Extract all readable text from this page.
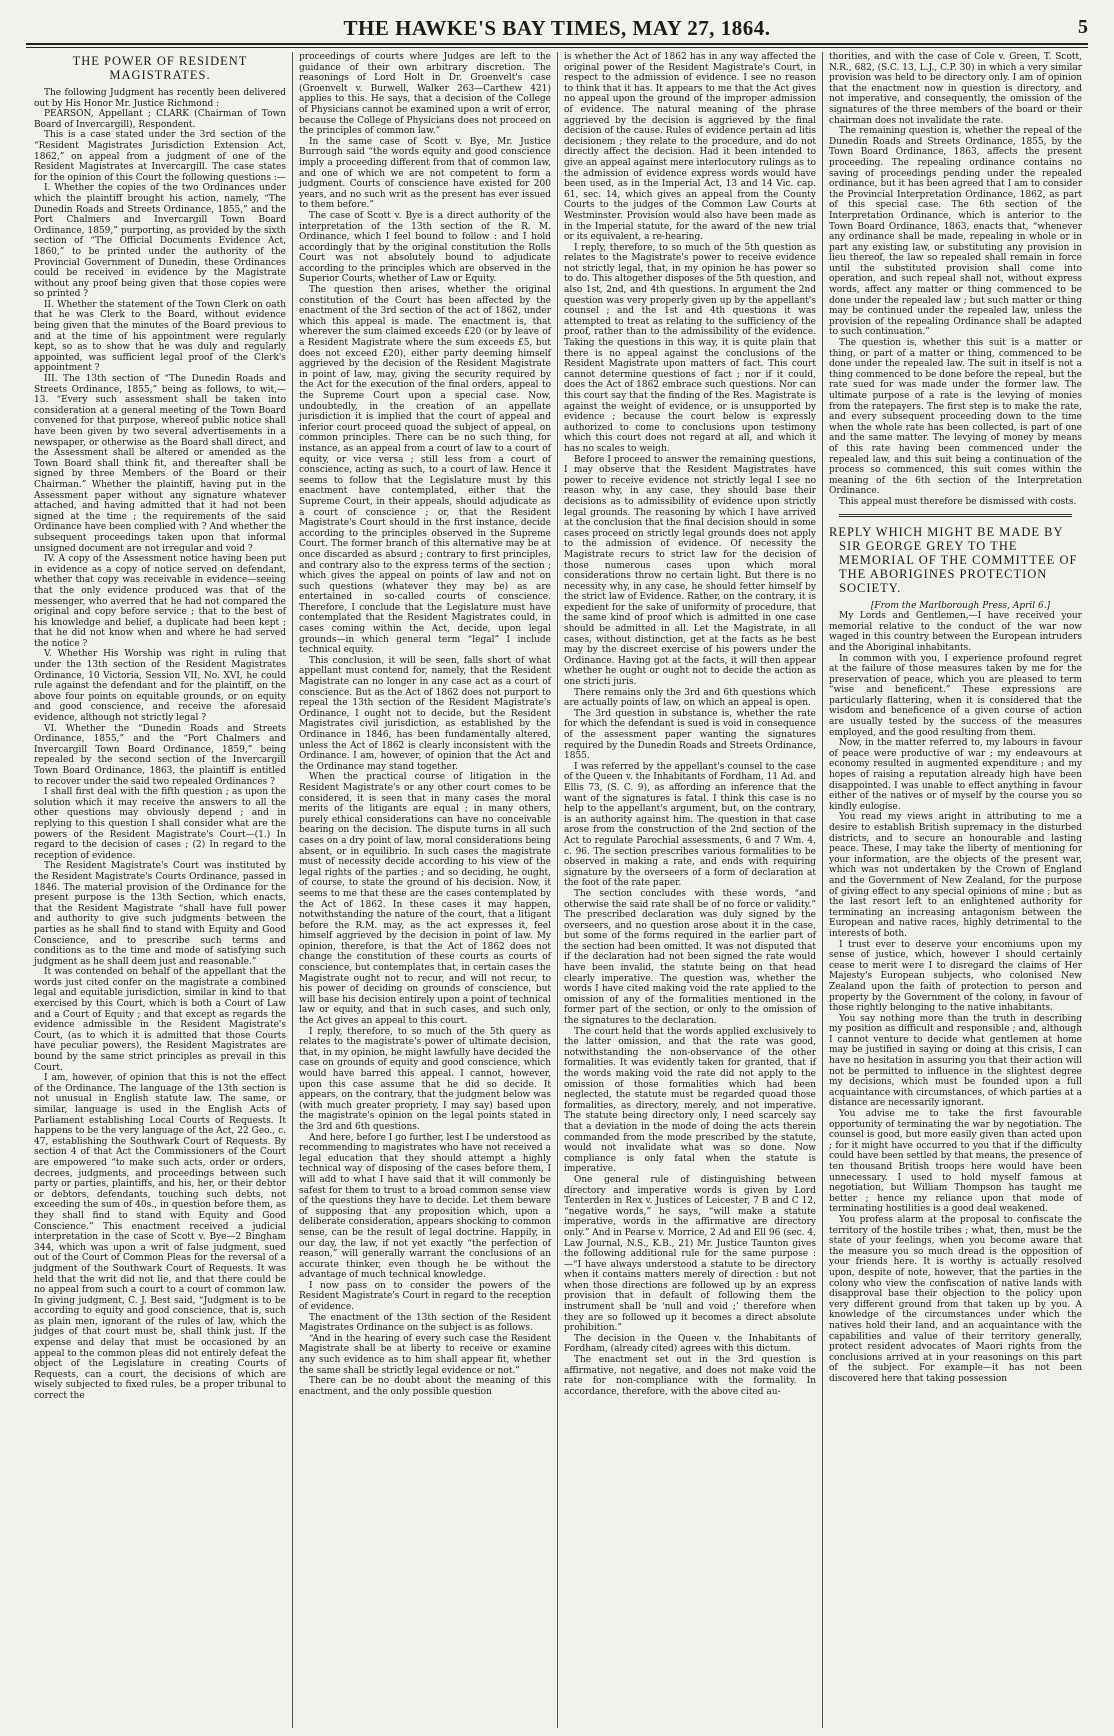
THE HAWKE'S BAY TIMES, MAY 27, 1864.	5
THE POWER OF RESIDENT MAGISTRATES.

The following Judgment has recently been delivered out by His Honor Mr. Justice Richmond :

PEARSON, Appellant ; CLARK (Chairman of Town Board of Invercargill), Respondent.

This is a case stated under the 3rd section of the “Resident Magistrates Jurisdiction Extension Act, 1862,” on appeal from a judgment of one of the Resident Magistrates at Invercargill. The case states for the opinion of this Court the following questions :—

I. Whether the copies of the two Ordinances under which the plaintiff brought his action, namely, “The Dunedin Roads and Streets Ordinance, 1855,” and the Port Chalmers and Invercargill Town Board Ordinance, 1859,” purporting, as provided by the sixth section of “The Official Documents Evidence Act, 1860,” to be printed under the authority of the Provincial Government of Dunedin, these Ordinances could be received in evidence by the Magistrate without any proof being given that those copies were so printed ?

II. Whether the statement of the Town Clerk on oath that he was Clerk to the Board, without evidence being given that the minutes of the Board previous to and at the time of his appointment were regularly kept, so as to show that he was duly and regularly appointed, was sufficient legal proof of the Clerk's appointment ?

III. The 13th section of “The Dunedin Roads and Streets Ordinance, 1855,” being as follows, to wit,—13. “Every such assessment shall be taken into consideration at a general meeting of the Town Board convened for that purpose, whereof public notice shall have been given by two several advertisements in a newspaper, or otherwise as the Board shall direct, and the Assessment shall be altered or amended as the Town Board shall think fit, and thereafter shall be signed by three Members of the Board or their Chairman.” Whether the plaintiff, having put in the Assessment paper without any signature whatever attached, and having admitted that it had not been signed at the time ; the requirements of the said Ordinance have been complied with ? And whether the subsequent proceedings taken upon that informal unsigned document are not irregular and void ?

IV. A copy of the Assessment notice having been put in evidence as a copy of notice served on defendant, whether that copy was receivable in evidence—seeing that the only evidence produced was that of the messenger, who averred that he had not compared the original and copy before service ; that to the best of his knowledge and belief, a duplicate had been kept ; that he did not know when and where he had served the notice ?

V. Whether His Worship was right in ruling that under the 13th section of the Resident Magistrates Ordinance, 10 Victoria, Session VII, No. XVI, he could rule against the defendant and for the plaintiff, on the above four points on equitable grounds, or on equity and good conscience, and receive the aforesaid evidence, although not strictly legal ?

VI. Whether the “Dunedin Roads and Streets Ordinance, 1855,” and the “Port Chalmers and Invercargill Town Board Ordinance, 1859,” being repealed by the second section of the Invercargill Town Board Ordinance, 1863, the plaintiff is entitled to recover under the said two repealed Ordinances ?

I shall first deal with the fifth question ; as upon the solution which it may receive the answers to all the other questions may obviously depend ; and in replying to this question I shall consider what are the powers of the Resident Magistrate's Court—(1.) In regard to the decision of cases ; (2) In regard to the reception of evidence.

The Resident Magistrate's Court was instituted by the Resident Magistrate's Courts Ordinance, passed in 1846. The material provision of the Ordinance for the present purpose is the 13th Section, which enacts, that the Resident Magistrate “shall have full power and authority to give such judgments between the parties as he shall find to stand with Equity and Good Conscience, and to prescribe such terms and conditions as to the time and mode of satisfying such judgment as he shall deem just and reasonable.”

It was contended on behalf of the appellant that the words just cited confer on the magistrate a combined legal and equitable jurisdiction, similar in kind to that exercised by this Court, which is both a Court of Law and a Court of Equity ; and that except as regards the evidence admissible in the Resident Magistrate's Court, (as to which it is admitted that those Courts have peculiar powers), the Resident Magistrates are bound by the same strict principles as prevail in this Court.

I am, however, of opinion that this is not the effect of the Ordinance. The language of the 13th section is not unusual in English statute law. The same, or similar, language is used in the English Acts of Parliament establishing Local Courts of Requests. It happens to be the very language of the Act, 22 Geo., c. 47, establishing the Southwark Court of Requests. By section 4 of that Act the Commissioners of the Court are empowered “to make such acts, order or orders, decrees, judgments, and proceedings between such party or parties, plaintiffs, and his, her, or their debtor or debtors, defendants, touching such debts, not exceeding the sum of 40s., in question before them, as they shall find to stand with Equity and Good Conscience.” This enactment received a judicial interpretation in the case of Scott v. Bye—2 Bingham 344, which was upon a writ of false judgment, sued out of the Court of Common Pleas for the reversal of a judgment of the Southwark Court of Requests. It was held that the writ did not lie, and that there could be no appeal from such a court to a court of common law. In giving judgment, C. J. Best said, “Judgment is to be according to equity and good conscience, that is, such as plain men, ignorant of the rules of law, which the judges of that court must be, shall think just. If the expense and delay that must be occasioned by an appeal to the common pleas did not entirely defeat the object of the Legislature in creating Courts of Requests, can a court, the decisions of which are wisely subjected to fixed rules, be a proper tribunal to correct the

proceedings of courts where Judges are left to the guidance of their own arbitrary discretion. The reasonings of Lord Holt in Dr. Groenvelt's case (Groenvelt v. Burwell, Walker 263—Carthew 421) applies to this. He says, that a decision of the College of Physicians cannot be examined upon a writ of error, because the College of Physicians does not proceed on the principles of common law.”

In the same case of Scott v. Bye, Mr. Justice Burrough said “the words equity and good conscience imply a proceeding different from that of common law, and one of which we are not competent to form a judgment. Courts of conscience have existed for 200 years, and no such writ as the present has ever issued to them before.”

The case of Scott v. Bye is a direct authority of the interpretation of the 13th section of the R. M. Ordinance, which I feel bound to follow : and I hold accordingly that by the original constitution the Rolls Court was not absolutely bound to adjudicate according to the principles which are observed in the Superior Courts, whether of Law or Equity.

The question then arises, whether the original constitution of the Court has been affected by the enactment of the 3rd section of the act of 1862, under which this appeal is made. The enactment is, that wherever the sum claimed exceeds £20 (or by leave of a Resident Magistrate where the sum exceeds £5, but does not exceed £20), either party deeming himself aggrieved by the decision of the Resident Magistrate in point of law, may, giving the security required by the Act for the execution of the final orders, appeal to the Supreme Court upon a special case. Now, undoubtedly, in the creation of an appellate jurisdiction it is implied that the court of appeal and inferior court proceed quoad the subject of appeal, on common principles. There can be no such thing, for instance, as an appeal from a court of law to a court of equity, or vice versa ; still less from a court of conscience, acting as such, to a court of law. Hence it seems to follow that the Legislature must by this enactment have contemplated, either that the Supreme Court, in their appeals, should adjudicate as a court of conscience ; or, that the Resident Magistrate's Court should in the first instance, decide according to the principles observed in the Supreme Court. The former branch of this alternative may be at once discarded as absurd ; contrary to first principles, and contrary also to the express terms of the section ; which gives the appeal on points of law and not on such questions (whatever they may be) as are entertained in so-called courts of conscience. Therefore, I conclude that the Legislature must have contemplated that the Resident Magistrates could, in cases coming within the Act, decide, upon legal grounds—in which general term “legal” I include technical equity.

This conclusion, it will be seen, falls short of what appellant must contend for, namely, that the Resident Magistrate can no longer in any case act as a court of conscience. But as the Act of 1862 does not purport to repeal the 13th section of the Resident Magistrate's Ordinance, I ought not to decide, but the Resident Magistrates civil jurisdiction, as established by the Ordinance in 1846, has been fundamentally altered, unless the Act of 1862 is clearly inconsistent with the Ordinance. I am, however, of opinion that the Act and the Ordinance may stand together.

When the practical course of litigation in the Resident Magistrate's or any other court comes to be considered, it is seen that in many cases the moral merits of the litigants are equal ; in many others, purely ethical considerations can have no conceivable bearing on the decision. The dispute turns in all such cases on a dry point of law, moral considerations being absent, or in equilibrio. In such cases the magistrate must of necessity decide according to his view of the legal rights of the parties ; and so deciding, he ought, of course, to state the ground of his decision. Now, it seems to me that these are the cases contemplated by the Act of 1862. In these cases it may happen, notwithstanding the nature of the court, that a litigant before the R.M. may, as the act expresses it, feel himself aggrieved by the decision in point of law. My opinion, therefore, is that the Act of 1862 does not change the constitution of these courts as courts of conscience, but contemplates that, in certain cases the Magistrate ought not to recur, and will not recur, to his power of deciding on grounds of conscience, but will base his decision entirely upon a point of technical law or equity, and that in such cases, and such only, the Act gives an appeal to this court.

I reply, therefore, to so much of the 5th query as relates to the magistrate's power of ultimate decision, that, in my opinion, he might lawfully have decided the case on grounds of equity and good conscience, which would have barred this appeal. I cannot, however, upon this case assume that he did so decide. It appears, on the contrary, that the judgment below was (with much greater propriety, I may say) based upon the magistrate's opinion on the legal points stated in the 3rd and 6th questions.

And here, before I go further, lest I be understood as recommending to magistrates who have not received a legal education that they should attempt a highly technical way of disposing of the cases before them, I will add to what I have said that it will commonly be safest for them to trust to a broad common sense view of the questions they have to decide. Let them beware of supposing that any proposition which, upon a deliberate consideration, appears shocking to common sense, can be the result of legal doctrine. Happily, in our day, the law, if not yet exactly “the perfection of reason,” will generally warrant the conclusions of an accurate thinker, even though he be without the advantage of much technical knowledge.

I now pass on to consider the powers of the Resident Magistrate's Court in regard to the reception of evidence.

The enactment of the 13th section of the Resident Magistrates Ordinance on the subject is as follows.

“And in the hearing of every such case the Resident Magistrate shall be at liberty to receive or examine any such evidence as to him shall appear fit, whether the same shall be strictly legal evidence or not.”

There can be no doubt about the meaning of this enactment, and the only possible question

is whether the Act of 1862 has in any way affected the original power of the Resident Magistrate's Court, in respect to the admission of evidence. I see no reason to think that it has. It appears to me that the Act gives no appeal upon the ground of the improper admission of evidence. The natural meaning of the phrase aggrieved by the decision is aggrieved by the final decision of the cause. Rules of evidence pertain ad litis decisionem ; they relate to the procedure, and do not directly affect the decision. Had it been intended to give an appeal against mere interlocutory rulings as to the admission of evidence express words would have been used, as in the Imperial Act, 13 and 14 Vic. cap. 61, sec. 14, which gives an appeal from the County Courts to the judges of the Common Law Courts at Westminster. Provision would also have been made as in the Imperial statute, for the award of the new trial or its equivalent, a re-hearing.

I reply, therefore, to so much of the 5th question as relates to the Magistrate's power to receive evidence not strictly legal, that, in my opinion he has power so to do. This altogether disposes of the 5th question, and also 1st, 2nd, and 4th questions. In argument the 2nd question was very properly given up by the appellant's counsel ; and the 1st and 4th questions it was attempted to treat as relating to the sufficiency of the proof, rather than to the admissibility of the evidence. Taking the questions in this way, it is quite plain that there is no appeal against the conclusions of the Resident Magistrate upon matters of fact. This court cannot determine questions of fact ; nor if it could, does the Act of 1862 embrace such questions. Nor can this court say that the finding of the Res. Magistrate is against the weight of evidence, or is unsupported by evidence ; because the court below is expressly authorized to come to conclusions upon testimony which this court does not regard at all, and which it has no scales to weigh.

Before I proceed to answer the remaining questions, I may observe that the Resident Magistrates have power to receive evidence not strictly legal I see no reason why, in any case, they should base their decisions as to admissibility of evidence upon strictly legal grounds. The reasoning by which I have arrived at the conclusion that the final decision should in some cases proceed on strictly legal grounds does not apply to the admission of evidence. Of necessity the Magistrate recurs to strict law for the decision of those numerous cases upon which moral considerations throw no certain light. But there is no necessity why, in any case, he should fetter himself by the strict law of Evidence. Rather, on the contrary, it is expedient for the sake of uniformity of procedure, that the same kind of proof which is admitted in one case should be admitted in all. Let the Magistrate, in all cases, without distinction, get at the facts as he best may by the discreet exercise of his powers under the Ordinance. Having got at the facts, it will then appear whether he ought or ought not to decide the action as one stricti juris.

There remains only the 3rd and 6th questions which are actually points of law, on which an appeal is open.

The 3rd question in substance is, whether the rate for which the defendant is sued is void in consequence of the assessment paper wanting the signatures required by the Dunedin Roads and Streets Ordinance, 1855.

I was referred by the appellant's counsel to the case of the Queen v. the Inhabitants of Fordham, 11 Ad. and Ellis 73, (S. C. 9), as affording an inference that the want of the signatures is fatal. I think this case is no help to the appellant's argument, but, on the contrary, is an authority against him. The question in that case arose from the construction of the 2nd section of the Act to regulate Parochial assessments, 6 and 7 Wm. 4, c. 96. The section prescribes various formalities to be observed in making a rate, and ends with requiring signature by the overseers of a form of declaration at the foot of the rate paper.

The section concludes with these words, “and otherwise the said rate shall be of no force or validity.” The prescribed declaration was duly signed by the overseers, and no question arose about it in the case, but some of the forms required in the earlier part of the section had been omitted. It was not disputed that if the declaration had not been signed the rate would have been invalid, the statute being on that head clearly imperative. The question was, whether the words I have cited making void the rate applied to the omission of any of the formalities mentioned in the former part of the section, or only to the omission of the signatures to the declaration.

The court held that the words applied exclusively to the latter omission, and that the rate was good, notwithstanding the non-observance of the other formalities. It was evidently taken for granted, that if the words making void the rate did not apply to the omission of those formalities which had been neglected, the statute must be regarded quoad those formalities, as directory, merely, and not imperative. The statute being directory only, I need scarcely say that a deviation in the mode of doing the acts therein commanded from the mode prescribed by the statute, would not invalidate what was so done. Now compliance is only fatal when the statute is imperative.

One general rule of distinguishing between directory and imperative words is given by Lord Tenterden in Rex v. Justices of Leicester, 7 B and C 12, “negative words,” he says, “will make a statute imperative, words in the affirmative are directory only.” And in Pearse v. Morrice, 2 Ad and Ell 96 (sec. 4, Law Journal, N.S., K.B., 21) Mr. Justice Taunton gives the following additional rule for the same purpose :—“I have always understood a statute to be directory when it contains matters merely of direction : but not when those directions are followed up by an express provision that in default of following them the instrument shall be ‘null and void ;’ therefore when they are so followed up it becomes a direct absolute prohibition.”

The decision in the Queen v. the Inhabitants of Fordham, (already cited) agrees with this dictum.

The enactment set out in the 3rd question is affirmative, not negative, and does not make void the rate for non-compliance with the formality. In accordance, therefore, with the above cited au-

thorities, and with the case of Cole v. Green, T. Scott, N.R., 682, (S.C. 13, L.J., C.P. 30) in which a very similar provision was held to be directory only. I am of opinion that the enactment now in question is directory, and not imperative, and consequently, the omission of the signatures of the three members of the board or their chairman does not invalidate the rate.

The remaining question is, whether the repeal of the Dunedin Roads and Streets Ordinance, 1855, by the Town Board Ordinance, 1863, affects the present proceeding. The repealing ordinance contains no saving of proceedings pending under the repealed ordinance, but it has been agreed that I am to consider the Provincial Interpretation Ordinance, 1862, as part of this special case. The 6th section of the Interpretation Ordinance, which is anterior to the Town Board Ordinance, 1863, enacts that, “whenever any ordinance shall be made, repealing in whole or in part any existing law, or substituting any provision in lieu thereof, the law so repealed shall remain in force until the substituted provision shall come into operation, and such repeal shall not, without express words, affect any matter or thing commenced to be done under the repealed law ; but such matter or thing may be continued under the repealed law, unless the provision of the repealing Ordinance shall be adapted to such continuation.”

The question is, whether this suit is a matter or thing, or part of a matter or thing, commenced to be done under the repealed law. The suit in itself is not a thing commenced to be done before the repeal, but the rate sued for was made under the former law. The ultimate purpose of a rate is the levying of monies from the ratepayers. The first step is to make the rate, and every subsequent proceeding down to the time when the whole rate has been collected, is part of one and the same matter. The levying of money by means of this rate having been commenced under the repealed law, and this suit being a continuation of the process so commenced, this suit comes within the meaning of the 6th section of the Interpretation Ordinance.

This appeal must therefore be dismissed with costs.

REPLY WHICH MIGHT BE MADE BY SIR GEORGE GREY TO THE MEMORIAL OF THE COMMITTEE OF THE ABORIGINES PROTECTION SOCIETY.

[From the Marlborough Press, April 6.]

My Lords and Gentlemen,—I have received your memorial relative to the conduct of the war now waged in this country between the European intruders and the Aboriginal inhabitants.

In common with you, I experience profound regret at the failure of those measures taken by me for the preservation of peace, which you are pleased to term “wise and beneficent.” These expressions are particularly flattering, when it is considered that the wisdom and beneficence of a given course of action are usually tested by the success of the measures employed, and the good resulting from them.

Now, in the matter referred to, my labours in favour of peace were productive of war ; my endeavours at economy resulted in augmented expenditure ; and my hopes of raising a reputation already high have been disappointed. I was unable to effect anything in favour either of the natives or of myself by the course you so kindly eulogise.

You read my views aright in attributing to me a desire to establish British supremacy in the disturbed districts, and to secure an honourable and lasting peace. These, I may take the liberty of mentioning for your information, are the objects of the present war, which was not undertaken by the Crown of England and the Government of New Zealand, for the purpose of giving effect to any special opinions of mine ; but as the last resort left to an enlightened authority for terminating an increasing antagonism between the European and native races, highly detrimental to the interests of both.

I trust ever to deserve your encomiums upon my sense of justice, which, however I should certainly cease to merit were I to disregard the claims of Her Majesty's European subjects, who colonised New Zealand upon the faith of protection to person and property by the Government of the colony, in favour of those rightly belonging to the native inhabitants.

You say nothing more than the truth in describing my position as difficult and responsible ; and, although I cannot venture to decide what gentlemen at home may be justified in saying or doing at this crisis, I can have no hesitation in assuring you that their action will not be permitted to influence in the slightest degree my decisions, which must be founded upon a full acquaintance with circumstances, of which parties at a distance are necessarily ignorant.

You advise me to take the first favourable opportunity of terminating the war by negotiation. The counsel is good, but more easily given than acted upon ; for it might have occurred to you that if the difficulty could have been settled by that means, the presence of ten thousand British troops here would have been unnecessary. I used to hold myself famous at negotiation, but William Thompson has taught me better ; hence my reliance upon that mode of terminating hostilities is a good deal weakened.

You profess alarm at the proposal to confiscate the territory of the hostile tribes ; what, then, must be the state of your feelings, when you become aware that the measure you so much dread is the opposition of your friends here. It is worthy is actually resolved upon, despite of note, however, that the parties in the colony who view the confiscation of native lands with disapproval base their objection to the policy upon very different ground from that taken up by you. A knowledge of the circumstances under which the natives hold their land, and an acquaintance with the capabilities and value of their territory generally, protect resident advocates of Maori rights from the conclusions arrived at in your reasonings on this part of the subject. For example—it has not been discovered here that taking possession
